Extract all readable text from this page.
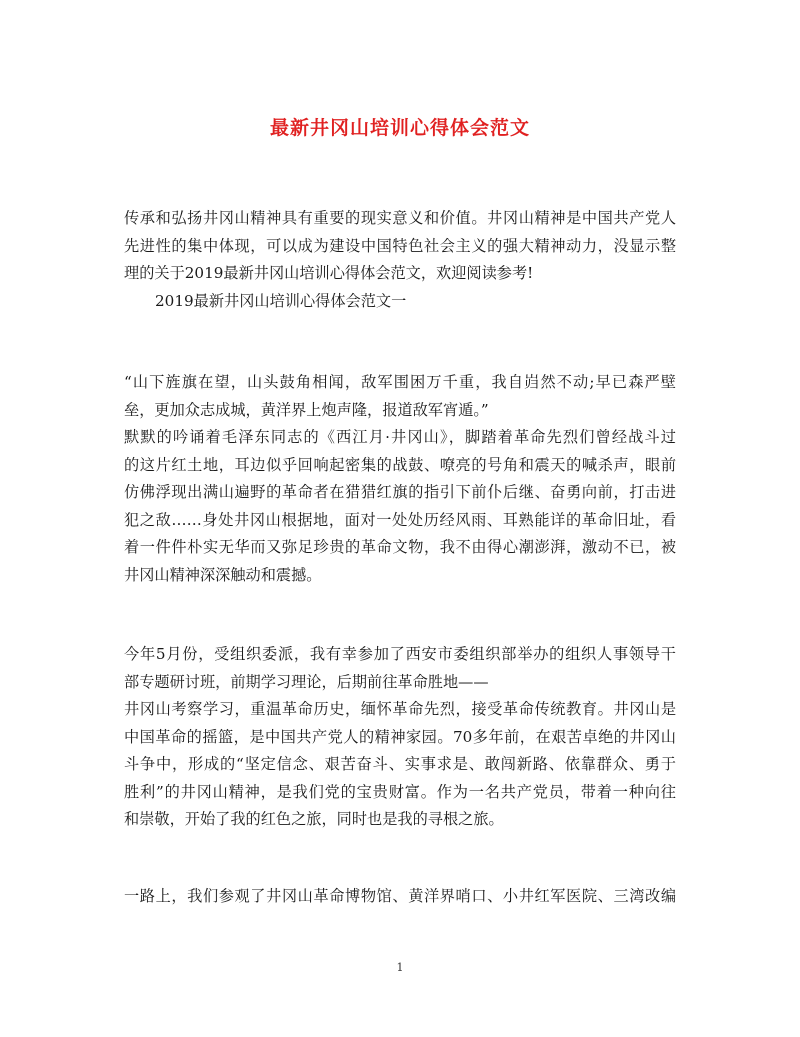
最新井冈山培训心得体会范文
传承和弘扬井冈山精神具有重要的现实意义和价值。井冈山精神是中国共产党人
先进性的集中体现，可以成为建设中国特色社会主义的强大精神动力，没显示整
理的关于2019最新井冈山培训心得体会范文，欢迎阅读参考!
2019最新井冈山培训心得体会范文一
“山下旌旗在望，山头鼓角相闻，敌军围困万千重，我自岿然不动;早已森严壁
垒，更加众志成城，黄洋界上炮声隆，报道敌军宵遁。”
默默的吟诵着毛泽东同志的《西江月·井冈山》，脚踏着革命先烈们曾经战斗过
的这片红土地，耳边似乎回响起密集的战鼓、嘹亮的号角和震天的喊杀声，眼前
仿佛浮现出满山遍野的革命者在猎猎红旗的指引下前仆后继、奋勇向前，打击进
犯之敌……身处井冈山根据地，面对一处处历经风雨、耳熟能详的革命旧址，看
着一件件朴实无华而又弥足珍贵的革命文物，我不由得心潮澎湃，激动不已，被
井冈山精神深深触动和震撼。
今年5月份，受组织委派，我有幸参加了西安市委组织部举办的组织人事领导干
部专题研讨班，前期学习理论，后期前往革命胜地——
井冈山考察学习，重温革命历史，缅怀革命先烈，接受革命传统教育。井冈山是
中国革命的摇篮，是中国共产党人的精神家园。70多年前，在艰苦卓绝的井冈山
斗争中，形成的“坚定信念、艰苦奋斗、实事求是、敢闯新路、依靠群众、勇于
胜利”的井冈山精神，是我们党的宝贵财富。作为一名共产党员，带着一种向往
和崇敬，开始了我的红色之旅，同时也是我的寻根之旅。
一路上，我们参观了井冈山革命博物馆、黄洋界哨口、小井红军医院、三湾改编
1
